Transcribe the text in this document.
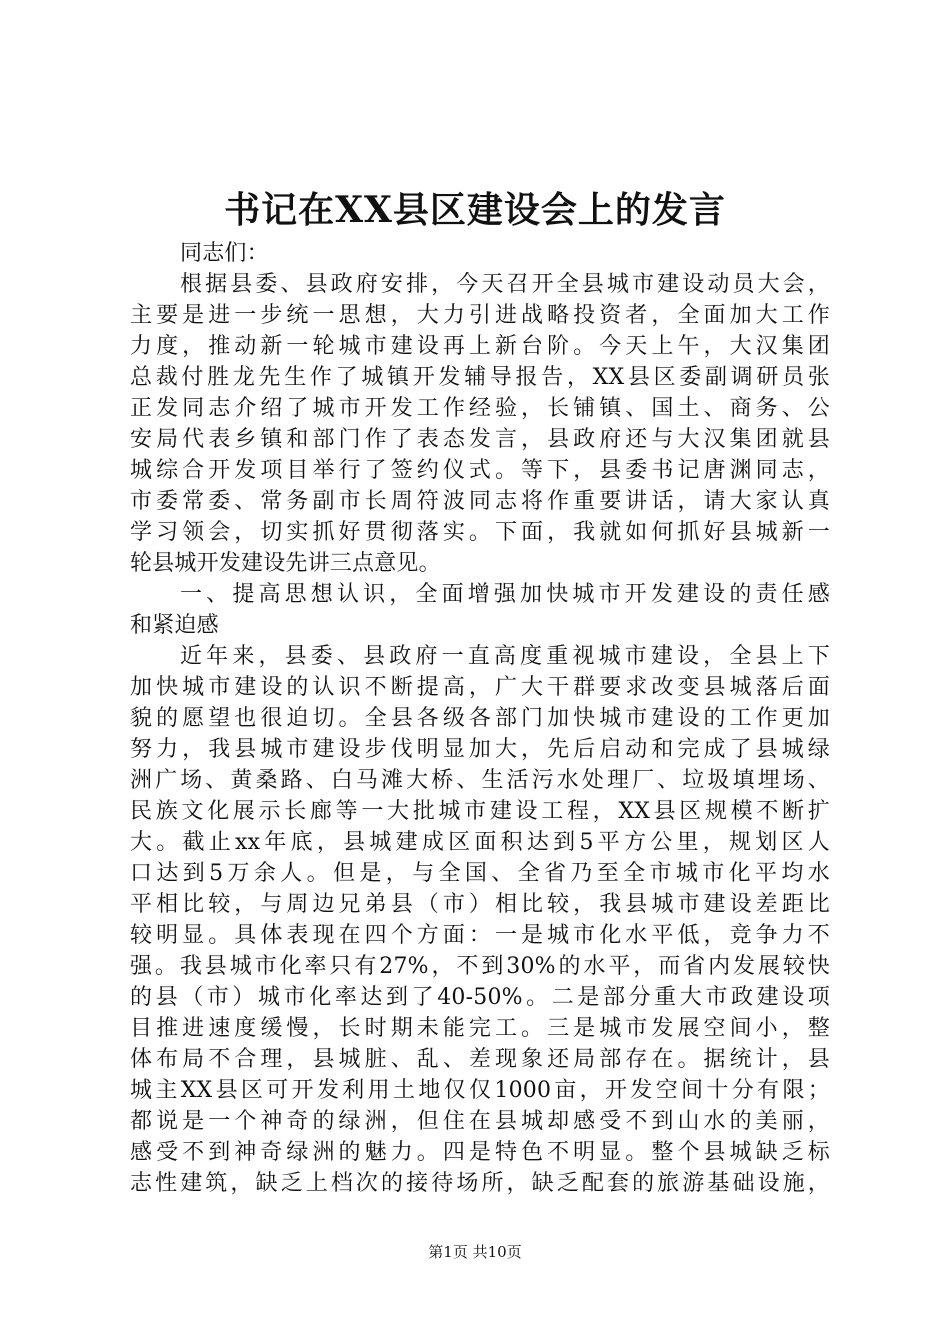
书记在XX县区建设会上的发言
同志们：
根据县委、县政府安排，今天召开全县城市建设动员大会，
主要是进一步统一思想，大力引进战略投资者，全面加大工作
力度，推动新一轮城市建设再上新台阶。今天上午，大汉集团
总裁付胜龙先生作了城镇开发辅导报告，XX县区委副调研员张
正发同志介绍了城市开发工作经验，长铺镇、国土、商务、公
安局代表乡镇和部门作了表态发言，县政府还与大汉集团就县
城综合开发项目举行了签约仪式。等下，县委书记唐渊同志，
市委常委、常务副市长周符波同志将作重要讲话，请大家认真
学习领会，切实抓好贯彻落实。下面，我就如何抓好县城新一
轮县城开发建设先讲三点意见。
一、提高思想认识，全面增强加快城市开发建设的责任感
和紧迫感
近年来，县委、县政府一直高度重视城市建设，全县上下
加快城市建设的认识不断提高，广大干群要求改变县城落后面
貌的愿望也很迫切。全县各级各部门加快城市建设的工作更加
努力，我县城市建设步伐明显加大，先后启动和完成了县城绿
洲广场、黄桑路、白马滩大桥、生活污水处理厂、垃圾填埋场、
民族文化展示长廊等一大批城市建设工程，XX县区规模不断扩
大。截止xx年底，县城建成区面积达到5平方公里，规划区人
口达到5万余人。但是，与全国、全省乃至全市城市化平均水
平相比较，与周边兄弟县（市）相比较，我县城市建设差距比
较明显。具体表现在四个方面：一是城市化水平低，竞争力不
强。我县城市化率只有27%，不到30%的水平，而省内发展较快
的县（市）城市化率达到了40-50%。二是部分重大市政建设项
目推进速度缓慢，长时期未能完工。三是城市发展空间小，整
体布局不合理，县城脏、乱、差现象还局部存在。据统计，县
城主XX县区可开发利用土地仅仅1000亩，开发空间十分有限；
都说是一个神奇的绿洲，但住在县城却感受不到山水的美丽，
感受不到神奇绿洲的魅力。四是特色不明显。整个县城缺乏标
志性建筑，缺乏上档次的接待场所，缺乏配套的旅游基础设施，
第1页 共10页
